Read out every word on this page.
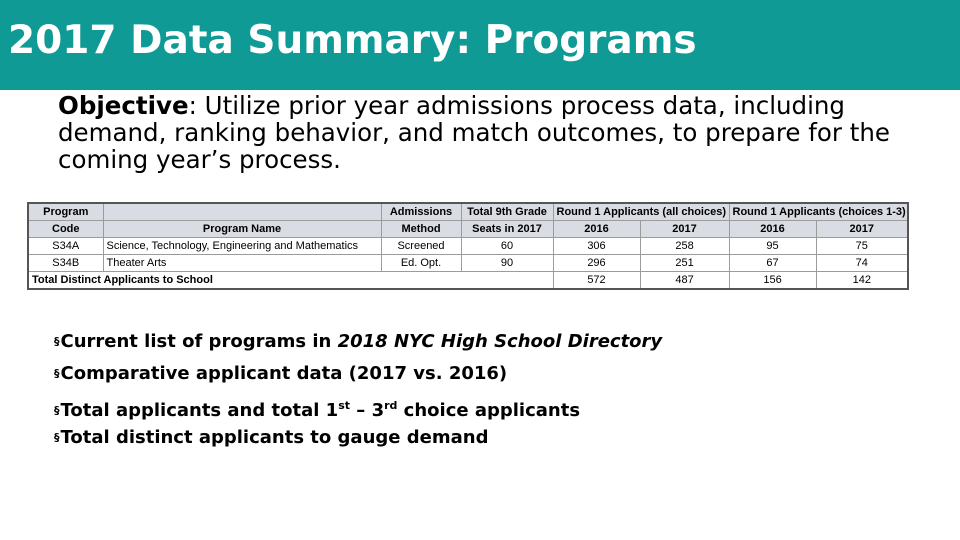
2017 Data Summary: Programs
Objective: Utilize prior year admissions process data, including demand, ranking behavior, and match outcomes, to prepare for the coming year’s process.
Program		Admissions	Total 9th Grade	Round 1 Applicants (all choices)		Round 1 Applicants (choices 1-3)	
Code	Program Name	Method	Seats in 2017	2016	2017	2016	2017
S34A	Science, Technology, Engineering and Mathematics	Screened	60	306	258	95	75
S34B	Theater Arts	Ed. Opt.	90	296	251	67	74
Total Distinct Applicants to School				572	487	156	142
§Current list of programs in 2018 NYC High School Directory
§Comparative applicant data (2017 vs. 2016)
§Total applicants and total 1st – 3rd choice applicants
§Total distinct applicants to gauge demand
